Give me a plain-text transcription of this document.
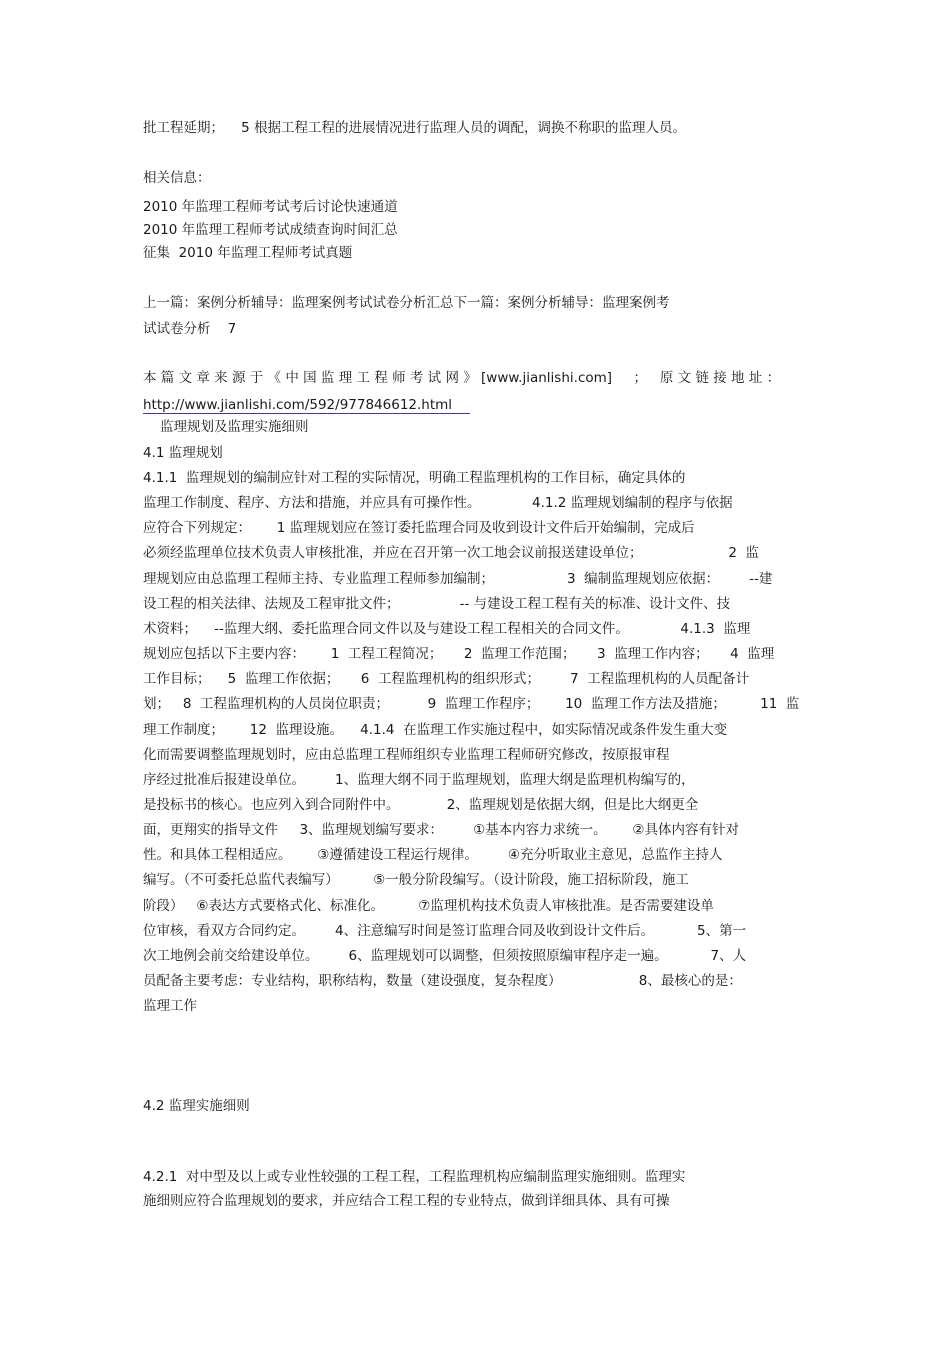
批工程延期；    5 根据工程工程的进展情况进行监理人员的调配，调换不称职的监理人员。
相关信息：
2010 年监理工程师考试考后讨论快速通道
2010 年监理工程师考试成绩查询时间汇总
征集  2010 年监理工程师考试真题
上一篇：案例分析辅导：监理案例考试试卷分析汇总下一篇：案例分析辅导：监理案例考
试试卷分析    7
本 篇 文 章 来 源 于 《 中 国 监 理 工 程 师 考 试 网 》 [www.jianlishi.com]     ；   原 文 链 接 地 址 ：
http://www.jianlishi.com/592/977846612.html
监理规划及监理实施细则
4.1 监理规划
4.1.1  监理规划的编制应针对工程的实际情况，明确工程监理机构的工作目标，确定具体的
监理工作制度、程序、方法和措施，并应具有可操作性。            4.1.2 监理规划编制的程序与依据
应符合下列规定：      1 监理规划应在签订委托监理合同及收到设计文件后开始编制，完成后
必须经监理单位技术负责人审核批准，并应在召开第一次工地会议前报送建设单位；                    2  监
理规划应由总监理工程师主持、专业监理工程师参加编制；                 3  编制监理规划应依据：       --建
设工程的相关法律、法规及工程审批文件；              -- 与建设工程工程有关的标准、设计文件、技
术资料；    --监理大纲、委托监理合同文件以及与建设工程工程相关的合同文件。            4.1.3  监理
规划应包括以下主要内容：      1  工程工程简况；     2  监理工作范围；     3  监理工作内容；     4  监理
工作目标；    5  监理工作依据；     6  工程监理机构的组织形式；       7  工程监理机构的人员配备计
划；   8  工程监理机构的人员岗位职责；         9  监理工作程序；      10  监理工作方法及措施；        11  监
理工作制度；      12  监理设施。    4.1.4  在监理工作实施过程中，如实际情况或条件发生重大变
化而需要调整监理规划时，应由总监理工程师组织专业监理工程师研究修改，按原报审程
序经过批准后报建设单位。       1、监理大纲不同于监理规划，监理大纲是监理机构编写的，
是投标书的核心。也应列入到合同附件中。           2、监理规划是依据大纲，但是比大纲更全
面，更翔实的指导文件     3、监理规划编写要求：       ①基本内容力求统一。      ②具体内容有针对
性。和具体工程相适应。      ③遵循建设工程运行规律。       ④充分听取业主意见，总监作主持人
编写。（不可委托总监代表编写）        ⑤一般分阶段编写。（设计阶段，施工招标阶段，施工
阶段）   ⑥表达方式要格式化、标准化。        ⑦监理机构技术负责人审核批准。是否需要建设单
位审核，看双方合同约定。       4、注意编写时间是签订监理合同及收到设计文件后。          5、第一
次工地例会前交给建设单位。       6、监理规划可以调整，但须按照原编审程序走一遍。          7、人
员配备主要考虑：专业结构，职称结构，数量（建设强度，复杂程度）                  8、最核心的是：
监理工作
4.2 监理实施细则
4.2.1  对中型及以上或专业性较强的工程工程，工程监理机构应编制监理实施细则。监理实
施细则应符合监理规划的要求，并应结合工程工程的专业特点，做到详细具体、具有可操
